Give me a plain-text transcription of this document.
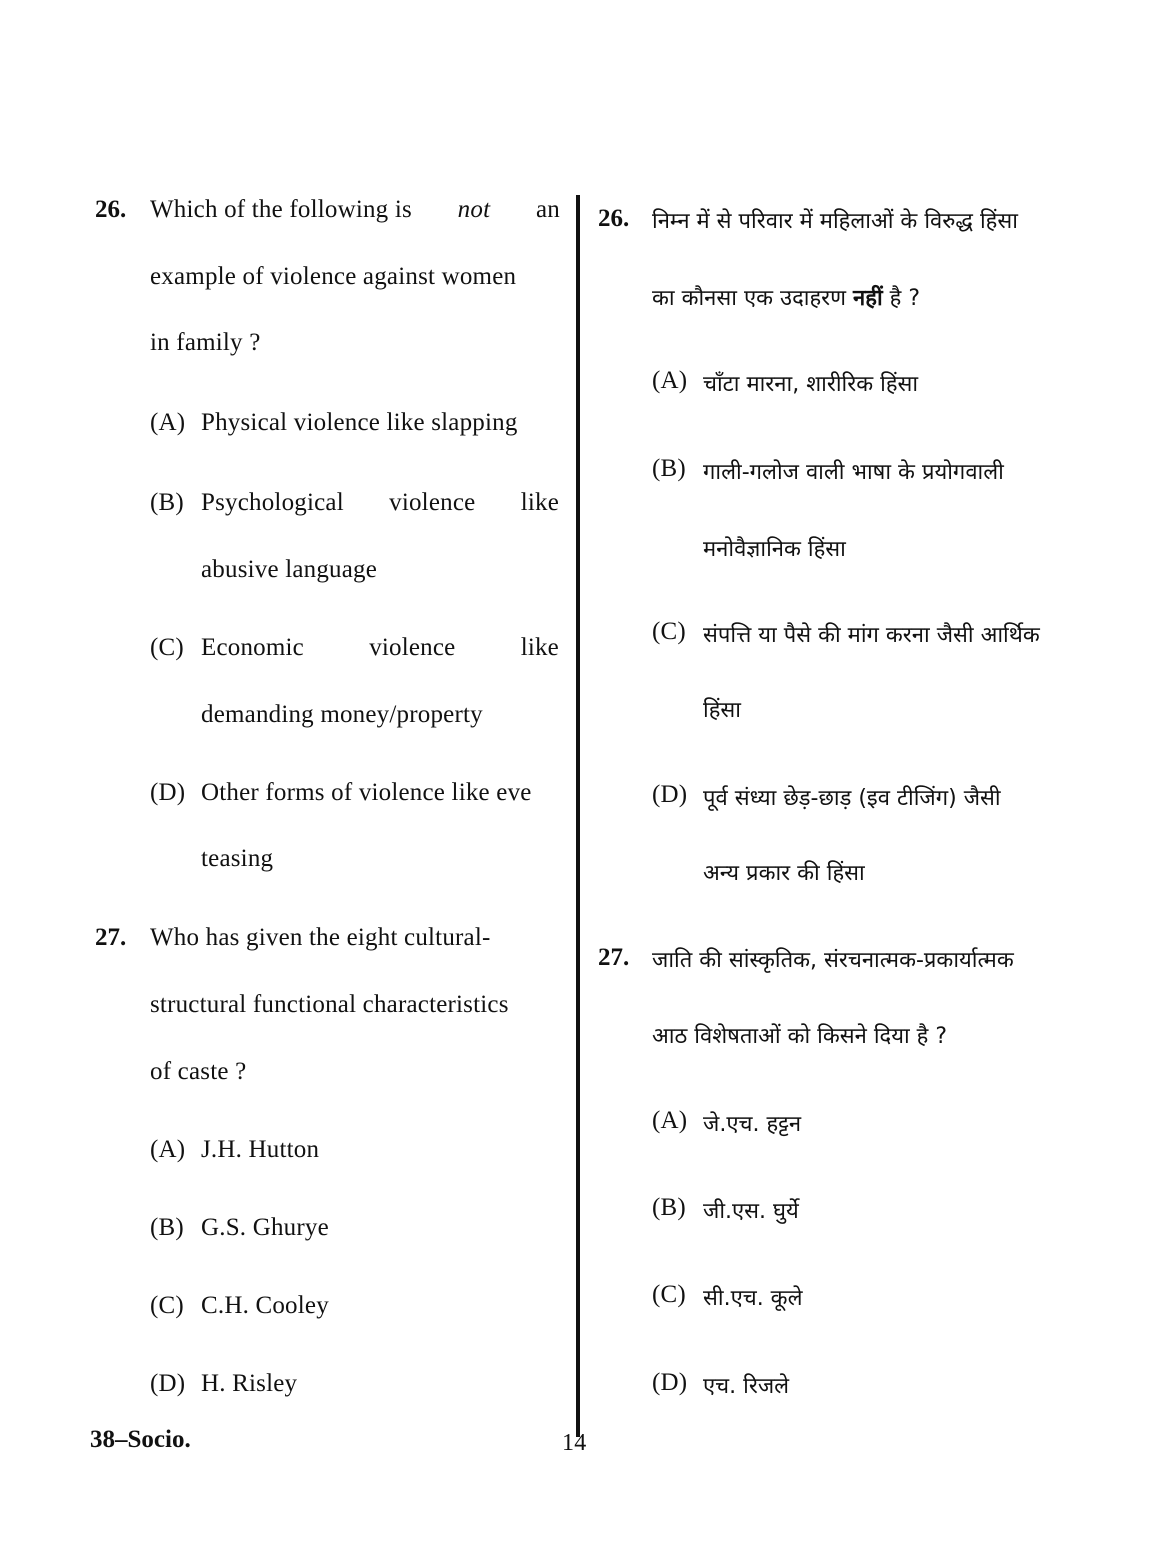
26. Which of the following is not an
example of violence against women
in family ?
(A) Physical violence like slapping
(B) Psychological violence like
abusive language
(C) Economic	violence	like
demanding money/property
(D) Other forms of violence like eve
teasing
27. Who has given the eight cultural-
structural functional characteristics
of caste ?
(A) J.H. Hutton
(B) G.S. Ghurye
(C) C.H. Cooley
(D) H. Risley
26. निम्न में से परिवार में महिलाओं के विरुद्ध हिंसा
का कौनसा एक उदाहरण नहीं है ?
(A) चाँटा मारना, शारीरिक हिंसा
(B) गाली-गलोज वाली भाषा के प्रयोगवाली
मनोवैज्ञानिक हिंसा
(C) संपत्ति या पैसे की मांग करना जैसी आर्थिक
हिंसा
(D) पूर्व संध्या छेड़-छाड़ (इव टीजिंग) जैसी
अन्य प्रकार की हिंसा
27. जाति की सांस्कृतिक, संरचनात्मक-प्रकार्यात्मक
आठ विशेषताओं को किसने दिया है ?
(A) जे.एच. हट्टन
(B) जी.एस. घुर्ये
(C) सी.एच. कूले
(D) एच. रिजले
38–Socio.	14
